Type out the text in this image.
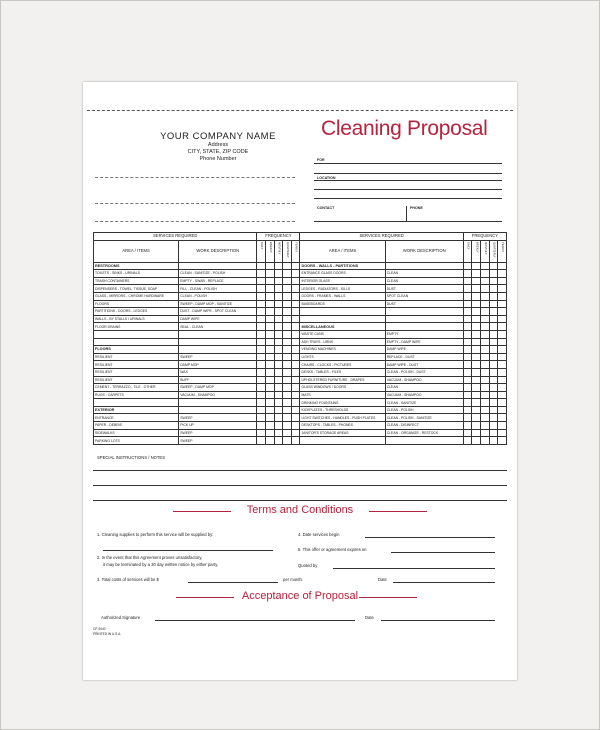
YOUR COMPANY NAME
Address
CITY, STATE, ZIP CODE
Phone Number
Cleaning Proposal
FOR
LOCATION
CONTACT	PHONE
SERVICES REQUIRED		FREQUENCY					SERVICES REQUIRED		FREQUENCY				
AREA / ITEMS	WORK DESCRIPTION	DAILY	WEEKLY	MONTHLY	QUARTERLY	YEARLY	AREA / ITEMS	WORK DESCRIPTION	DAILY	WEEKLY	MONTHLY	QUARTERLY	YEARLY
RESTROOMS							DOORS - WALLS - PARTITIONS						
TOILETS - SINKS - URINALS	CLEAN - SANITIZE - POLISH						ENTRANCE GLASS DOORS	CLEAN					
TRASH CONTAINERS	EMPTY - SWAB - REPLACE						INTERIOR GLASS	CLEAN					
DISPENSERS - TOWEL, TISSUE, SOAP	FILL - CLEAN - POLISH						LEDGES - RADIATORS - SILLS	DUST					
GLASS - MIRRORS - CHROME HARDWARE	CLEAN - POLISH						DOORS - FRAMES - WALLS	SPOT CLEAN					
FLOORS	SWEEP - DAMP MOP - SANITIZE						BASEBOARDS	DUST					
PARTITIONS - DOORS - LEDGES	DUST - DAMP WIPE - SPOT CLEAN												
WALLS - BY STALLS / URINALS	DAMP WIPE												
FLOOR DRAINS	SEAL - CLEAN						MISCELLANEOUS						
							WASTE CANS	EMPTY					
							ASH TRAYS - URNS	EMPTY - DAMP WIPE					
FLOORS							VENDING MACHINES	DAMP WIPE					
RESILIENT	SWEEP						LIGHTS	REPLACE - DUST					
RESILIENT	DAMP MOP						CHAIRS - CLOCKS - PICTURES	DAMP WIPE - DUST					
RESILIENT	WAX						DESKS - TABLES - FILES	CLEAN - POLISH - DUST					
RESILIENT	BUFF						UPHOLSTERED FURNITURE - DRAPES	VACUUM - SHAMPOO					
CEMENT - TERRAZZO - TILE - OTHER	SWEEP - DAMP MOP						GLASS WINDOWS / DOORS	CLEAN					
RUGS - CARPETS	VACUUM - SHAMPOO						MATS	VACUUM - SHAMPOO					
							DRINKING FOUNTAINS	CLEAN - SANITIZE					
EXTERIOR							KICKPLATES - THRESHOLDS	CLEAN - POLISH					
ENTRANCE	SWEEP						LIGHT SWITCHES - HANDLES - PUSH PLATES	CLEAN - POLISH - SANITIZE					
PAPER - DEBRIS	PICK UP						DESKTOPS - TABLES - PHONES	CLEAN - DISINFECT					
SIDEWALKS	SWEEP						JANITOR'S STORAGE AREAS	CLEAN - ORGANIZE - RESTOCK					
PARKING LOTS	SWEEP												
SPECIAL INSTRUCTIONS / NOTES
Terms and Conditions
1. Cleaning supplies to perform this service will be supplied by:
2. In the event that this Agreement proves unsatisfactory,
it may be terminated by a 30 day written notice by either party.
3. Total costs of services will be $	per month.
4. Date services begin
5. This offer or agreement expires on
Quoted by
Date
Acceptance of Proposal
Authorized Signature	Date
CP-9040
PRINTED IN U.S.A.
